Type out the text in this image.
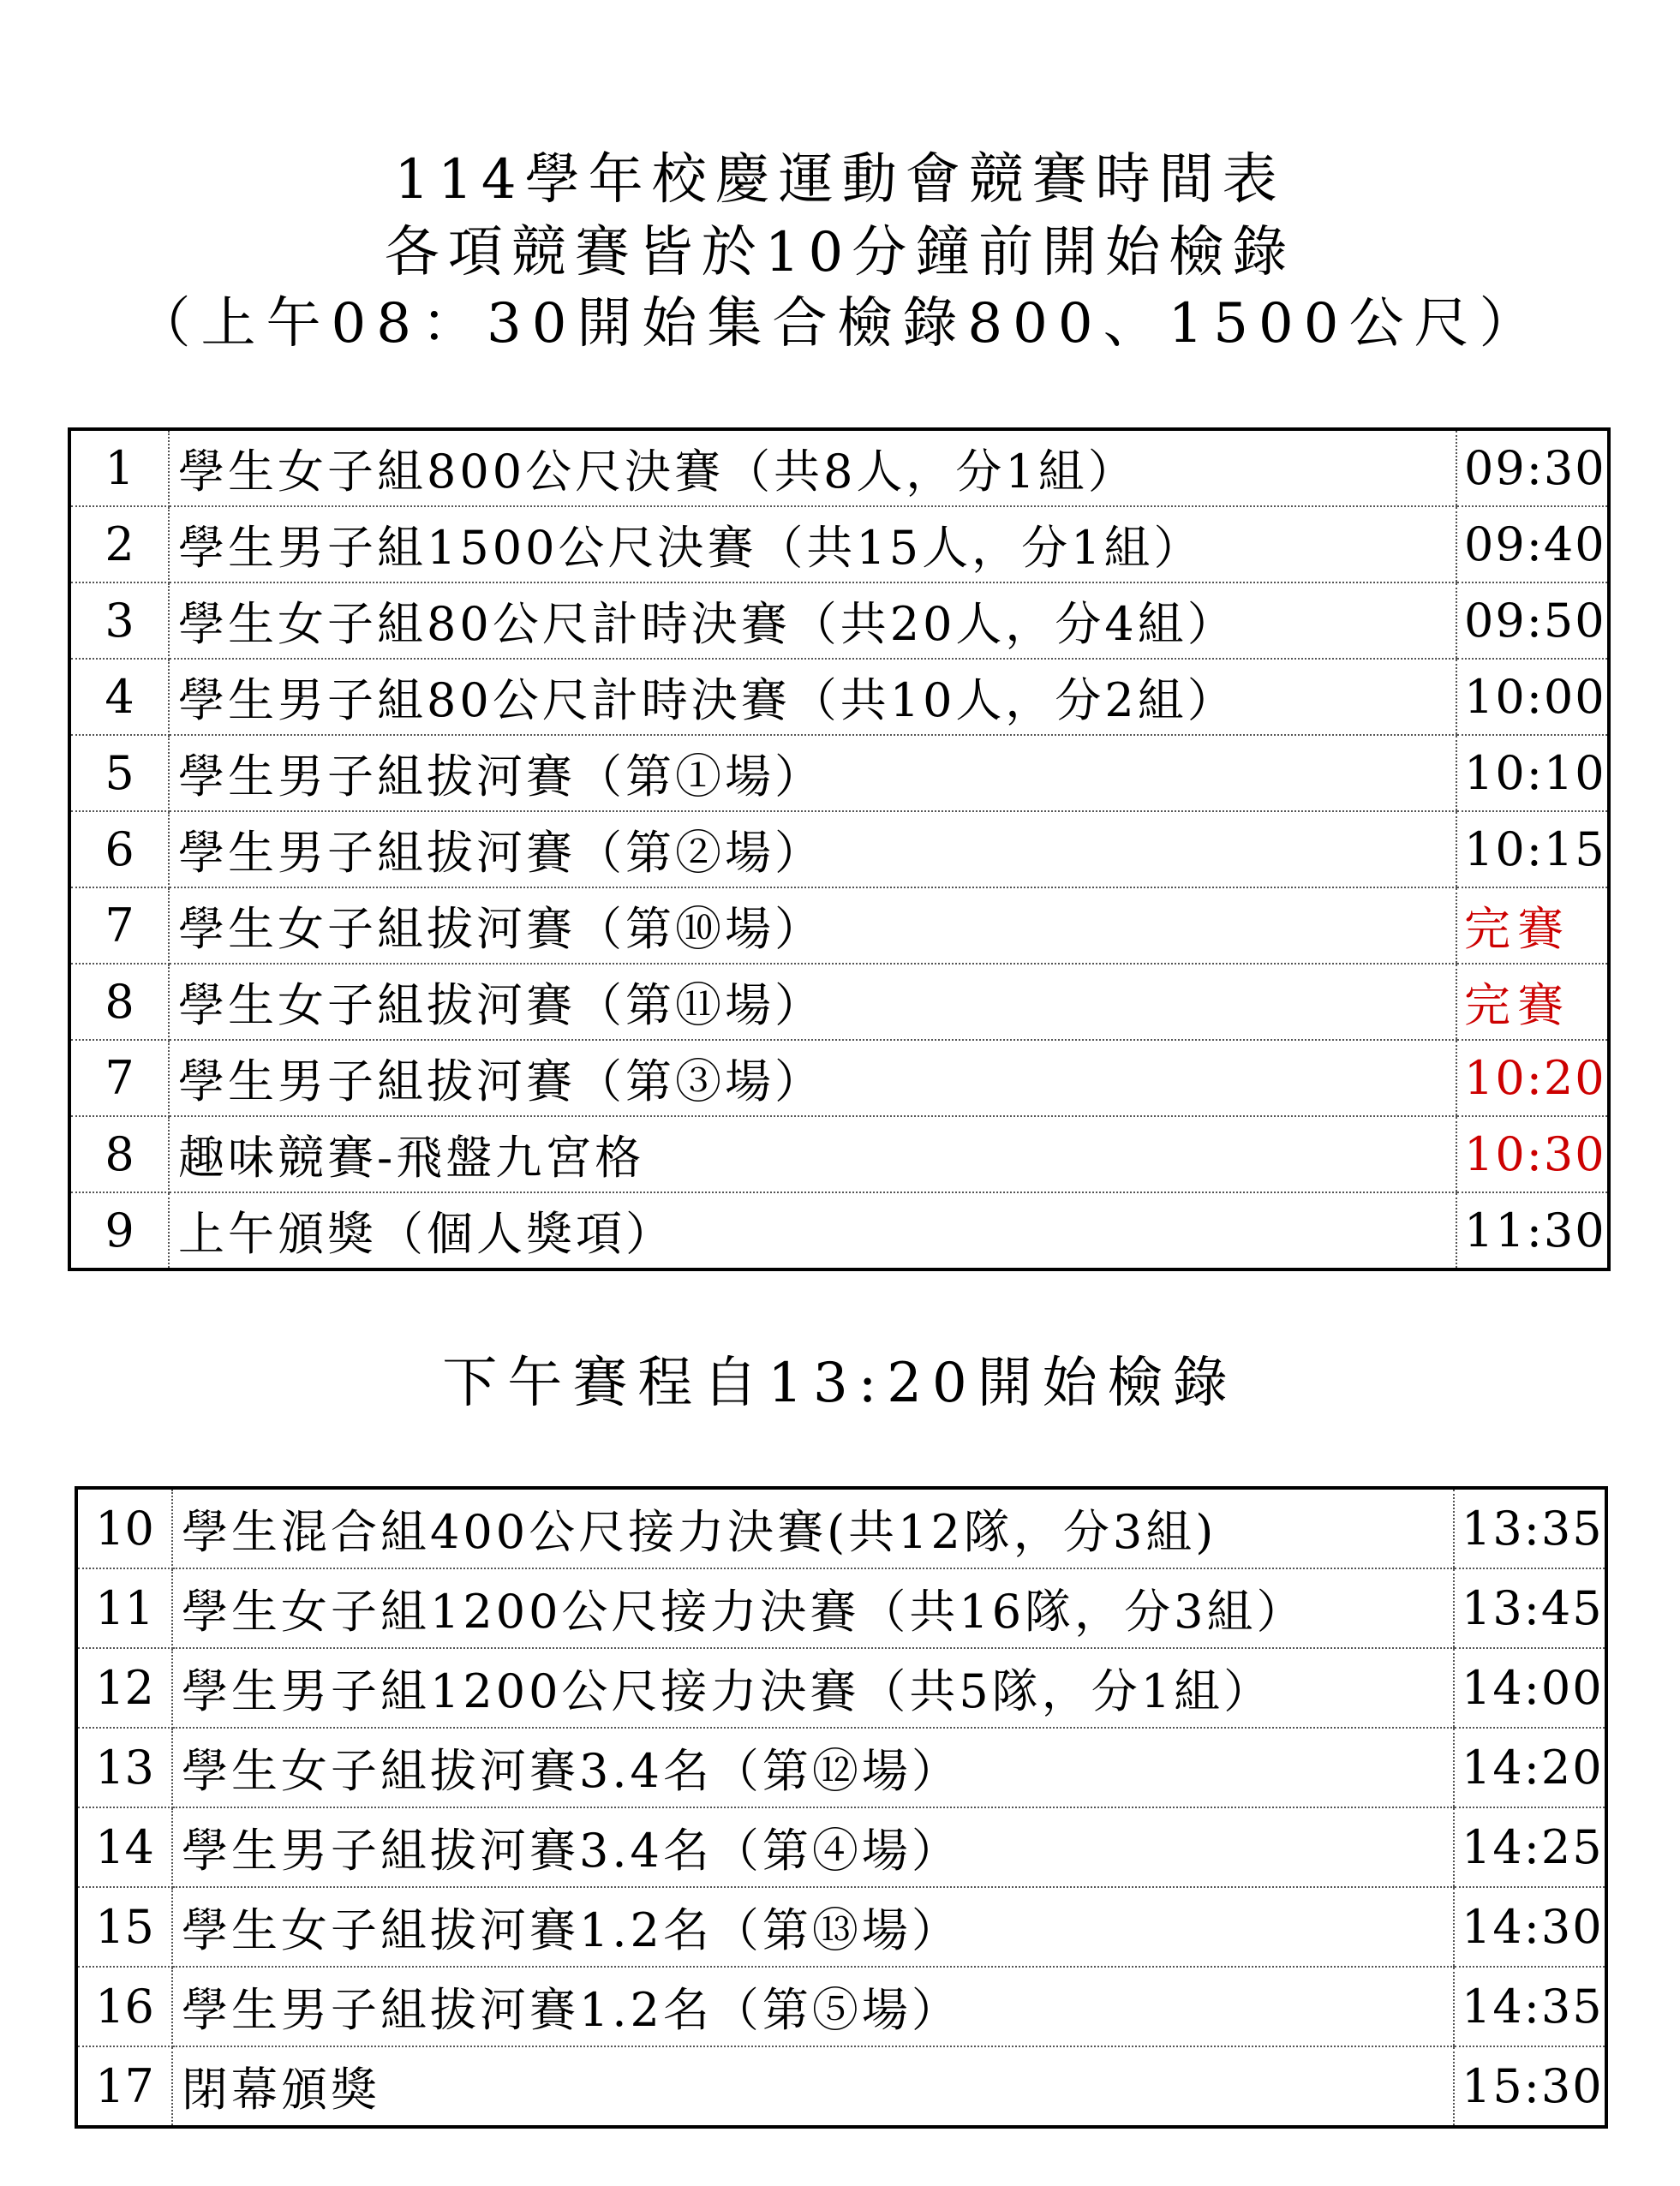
114學年校慶運動會競賽時間表
各項競賽皆於10分鐘前開始檢錄
（上午08：30開始集合檢錄800、1500公尺）
1	學生女子組800公尺決賽（共8人，分1組）	09:30
2	學生男子組1500公尺決賽（共15人，分1組）	09:40
3	學生女子組80公尺計時決賽（共20人，分4組）	09:50
4	學生男子組80公尺計時決賽（共10人，分2組）	10:00
5	學生男子組拔河賽（第①場）	10:10
6	學生男子組拔河賽（第②場）	10:15
7	學生女子組拔河賽（第⑩場）	完賽
8	學生女子組拔河賽（第⑪場）	完賽
7	學生男子組拔河賽（第③場）	10:20
8	趣味競賽-飛盤九宮格	10:30
9	上午頒獎（個人獎項）	11:30
下午賽程自13:20開始檢錄
10	學生混合組400公尺接力決賽(共12隊，分3組)	13:35
11	學生女子組1200公尺接力決賽（共16隊，分3組）	13:45
12	學生男子組1200公尺接力決賽（共5隊，分1組）	14:00
13	學生女子組拔河賽3.4名（第⑫場）	14:20
14	學生男子組拔河賽3.4名（第④場）	14:25
15	學生女子組拔河賽1.2名（第⑬場）	14:30
16	學生男子組拔河賽1.2名（第⑤場）	14:35
17	閉幕頒獎	15:30
